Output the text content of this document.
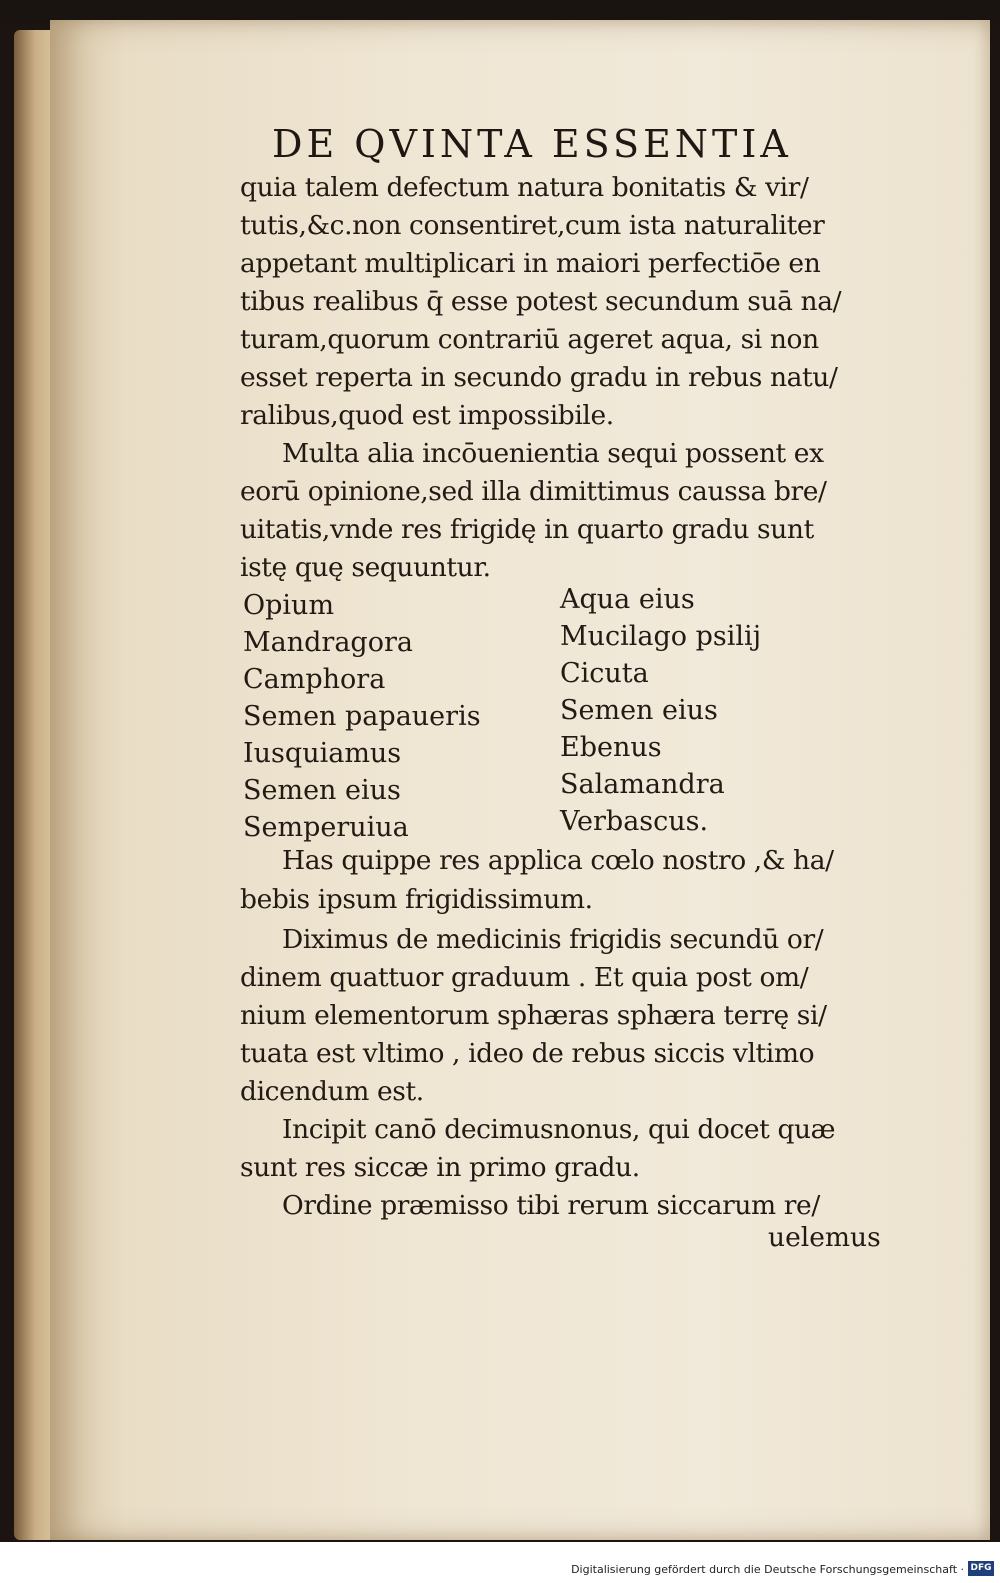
DE QVINTA ESSENTIA
quia talem defectum natura bonitatis & vir/
tutis,&c.non consentiret,cum ista naturaliter
appetant multiplicari in maiori perfectiōe en
tibus realibus q̄ esse potest secundum suā na/
turam,quorum contrariū ageret aqua, si non
esset reperta in secundo gradu in rebus natu/
ralibus,quod est impossibile.
Multa alia incōuenientia sequi possent ex
eorū opinione,sed illa dimittimus caussa bre/
uitatis,vnde res frigidę in quarto gradu sunt
istę quę sequuntur.
Opium
Mandragora
Camphora
Semen papaueris
Iusquiamus
Semen eius
Semperuiua
Aqua eius
Mucilago psilij
Cicuta
Semen eius
Ebenus
Salamandra
Verbascus.
Has quippe res applica cœlo nostro ,& ha/
bebis ipsum frigidissimum.
Diximus de medicinis frigidis secundū or/
dinem quattuor graduum . Et quia post om/
nium elementorum sphæras sphæra terrę si/
tuata est vltimo , ideo de rebus siccis vltimo
dicendum est.
Incipit canō decimusnonus, qui docet quæ
sunt res siccæ in primo gradu.
Ordine præmisso tibi rerum siccarum re/
uelemus
Digitalisierung gefördert durch die Deutsche Forschungsgemeinschaft · DFG
